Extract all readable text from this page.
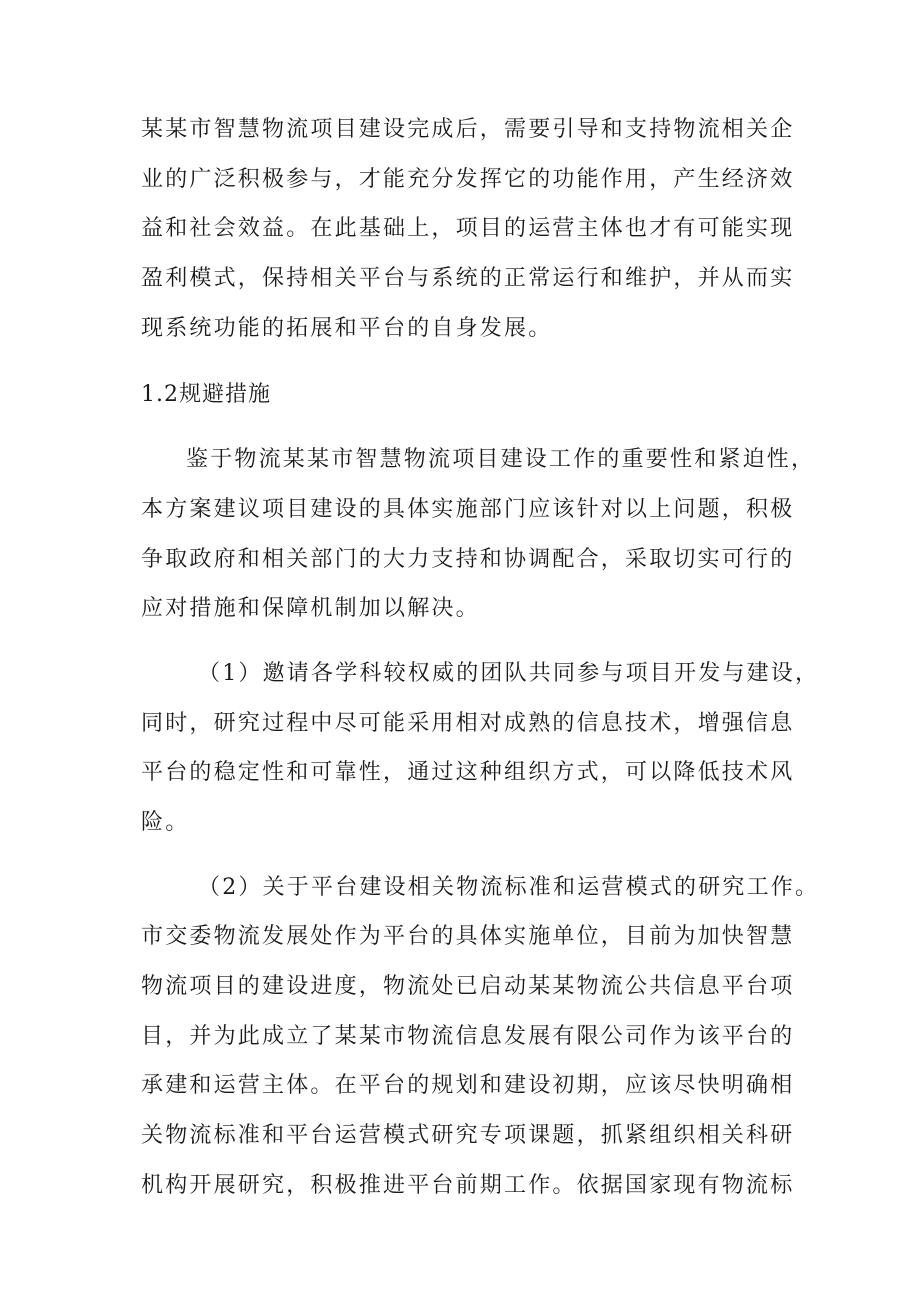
某某市智慧物流项目建设完成后，需要引导和支持物流相关企
业的广泛积极参与，才能充分发挥它的功能作用，产生经济效
益和社会效益。在此基础上，项目的运营主体也才有可能实现
盈利模式，保持相关平台与系统的正常运行和维护，并从而实
现系统功能的拓展和平台的自身发展。
1.2规避措施
鉴于物流某某市智慧物流项目建设工作的重要性和紧迫性，
本方案建议项目建设的具体实施部门应该针对以上问题，积极
争取政府和相关部门的大力支持和协调配合，采取切实可行的
应对措施和保障机制加以解决。
（1）邀请各学科较权威的团队共同参与项目开发与建设，
同时，研究过程中尽可能采用相对成熟的信息技术，增强信息
平台的稳定性和可靠性，通过这种组织方式，可以降低技术风
险。
（2）关于平台建设相关物流标准和运营模式的研究工作。
市交委物流发展处作为平台的具体实施单位，目前为加快智慧
物流项目的建设进度，物流处已启动某某物流公共信息平台项
目，并为此成立了某某市物流信息发展有限公司作为该平台的
承建和运营主体。在平台的规划和建设初期，应该尽快明确相
关物流标准和平台运营模式研究专项课题，抓紧组织相关科研
机构开展研究，积极推进平台前期工作。依据国家现有物流标
